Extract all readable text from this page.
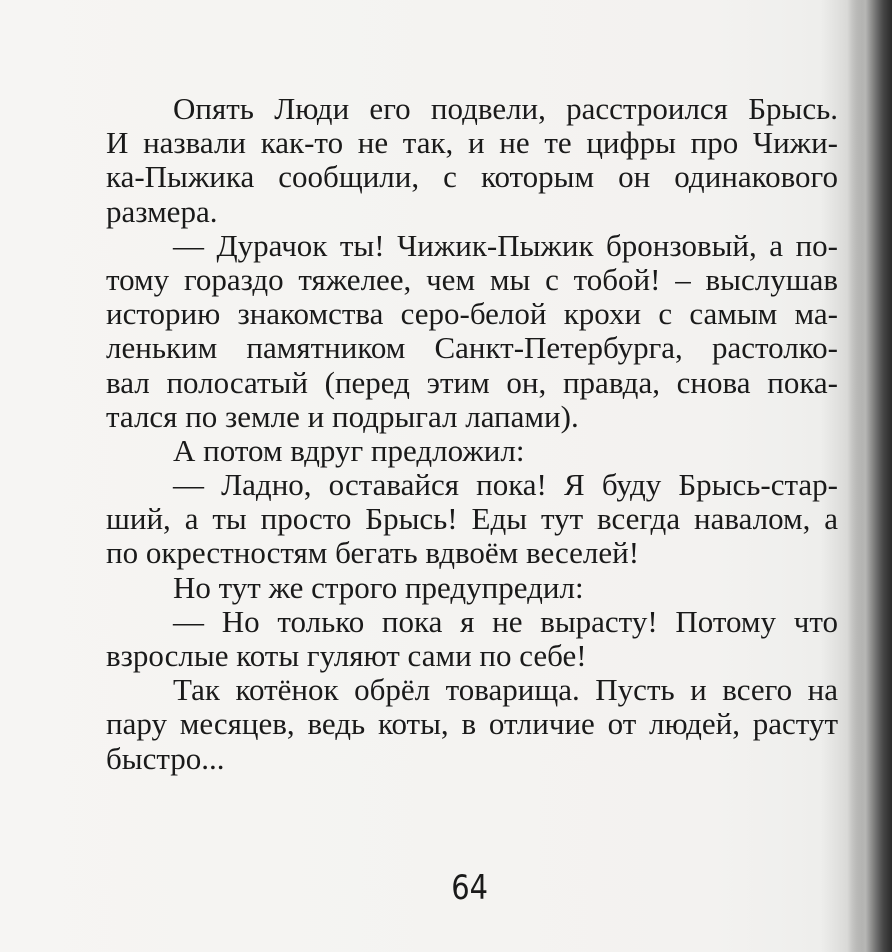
Опять Люди его подвели, расстроился Брысь.
И назвали как-то не так, и не те цифры про Чижи-
ка-Пыжика сообщили, с которым он одинакового
размера.
— Дурачок ты! Чижик-Пыжик бронзовый, а по-
тому гораздо тяжелее, чем мы с тобой! – выслушав
историю знакомства серо-белой крохи с самым ма-
леньким памятником Санкт-Петербурга, растолко-
вал полосатый (перед этим он, правда, снова пока-
тался по земле и подрыгал лапами).
А потом вдруг предложил:
— Ладно, оставайся пока! Я буду Брысь-стар-
ший, а ты просто Брысь! Еды тут всегда навалом, а
по окрестностям бегать вдвоём веселей!
Но тут же строго предупредил:
— Но только пока я не вырасту! Потому что
взрослые коты гуляют сами по себе!
Так котёнок обрёл товарища. Пусть и всего на
пару месяцев, ведь коты, в отличие от людей, растут
быстро...
64
